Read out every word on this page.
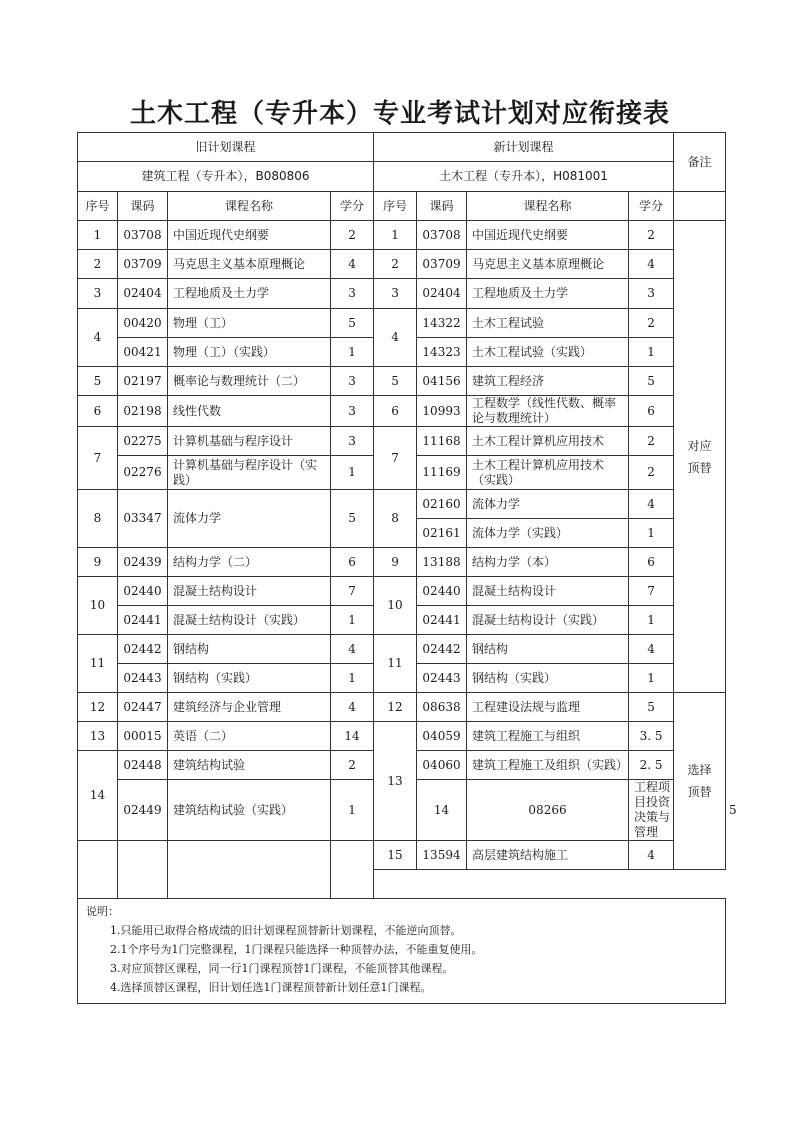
土木工程（专升本）专业考试计划对应衔接表
旧计划课程				新计划课程				备注	
建筑工程（专升本），B080806				土木工程（专升本），H081001					
序号	课码	课程名称	学分	序号	课码	课程名称	学分		
1	03708	中国近现代史纲要	2	1	03708	中国近现代史纲要	2	对应
顶替	

2	03709	马克思主义基本原理概论	4	2	03709	马克思主义基本原理概论	4		
3	02404	工程地质及土力学	3	3	02404	工程地质及土力学	3		
4	00420	物理（工）	5	4	14322	土木工程试验	2		
	00421	物理（工）（实践）	1		14323	土木工程试验（实践）	1		
5	02197	概率论与数理统计（二）	3	5	04156	建筑工程经济	5		
6	02198	线性代数	3	6	10993	工程数学（线性代数、概率论与数理统计）	6		
7	02275	计算机基础与程序设计	3	7	11168	土木工程计算机应用技术	2		
	02276	计算机基础与程序设计（实践）	1		11169	土木工程计算机应用技术（实践）	2		
8	03347	流体力学	5	8	02160	流体力学	4		
					02161	流体力学（实践）	1		
9	02439	结构力学（二）	6	9	13188	结构力学（本）	6		
10	02440	混凝土结构设计	7	10	02440	混凝土结构设计	7		
	02441	混凝土结构设计（实践）	1		02441	混凝土结构设计（实践）	1		
11	02442	钢结构	4	11	02442	钢结构	4		
	02443	钢结构（实践）	1		02443	钢结构（实践）	1		
12	02447	建筑经济与企业管理	4	12	08638	工程建设法规与监理	5	选择
顶替	

13	00015	英语（二）	14	13	04059	建筑工程施工与组织	3. 5		
14	02448	建筑结构试验	2		04060	建筑工程施工及组织（实践）	2. 5		
	02449	建筑结构试验（实践）	1		14	08266	工程项目投资决策与管理		5
				15	13594	高层建筑结构施工	4		

说明：
1.只能用已取得合格成绩的旧计划课程顶替新计划课程，不能逆向顶替。
2.1个序号为1门完整课程，1门课程只能选择一种顶替办法，不能重复使用。
3.对应顶替区课程，同一行1门课程顶替1门课程，不能顶替其他课程。
4.选择顶替区课程，旧计划任选1门课程顶替新计划任意1门课程。									
